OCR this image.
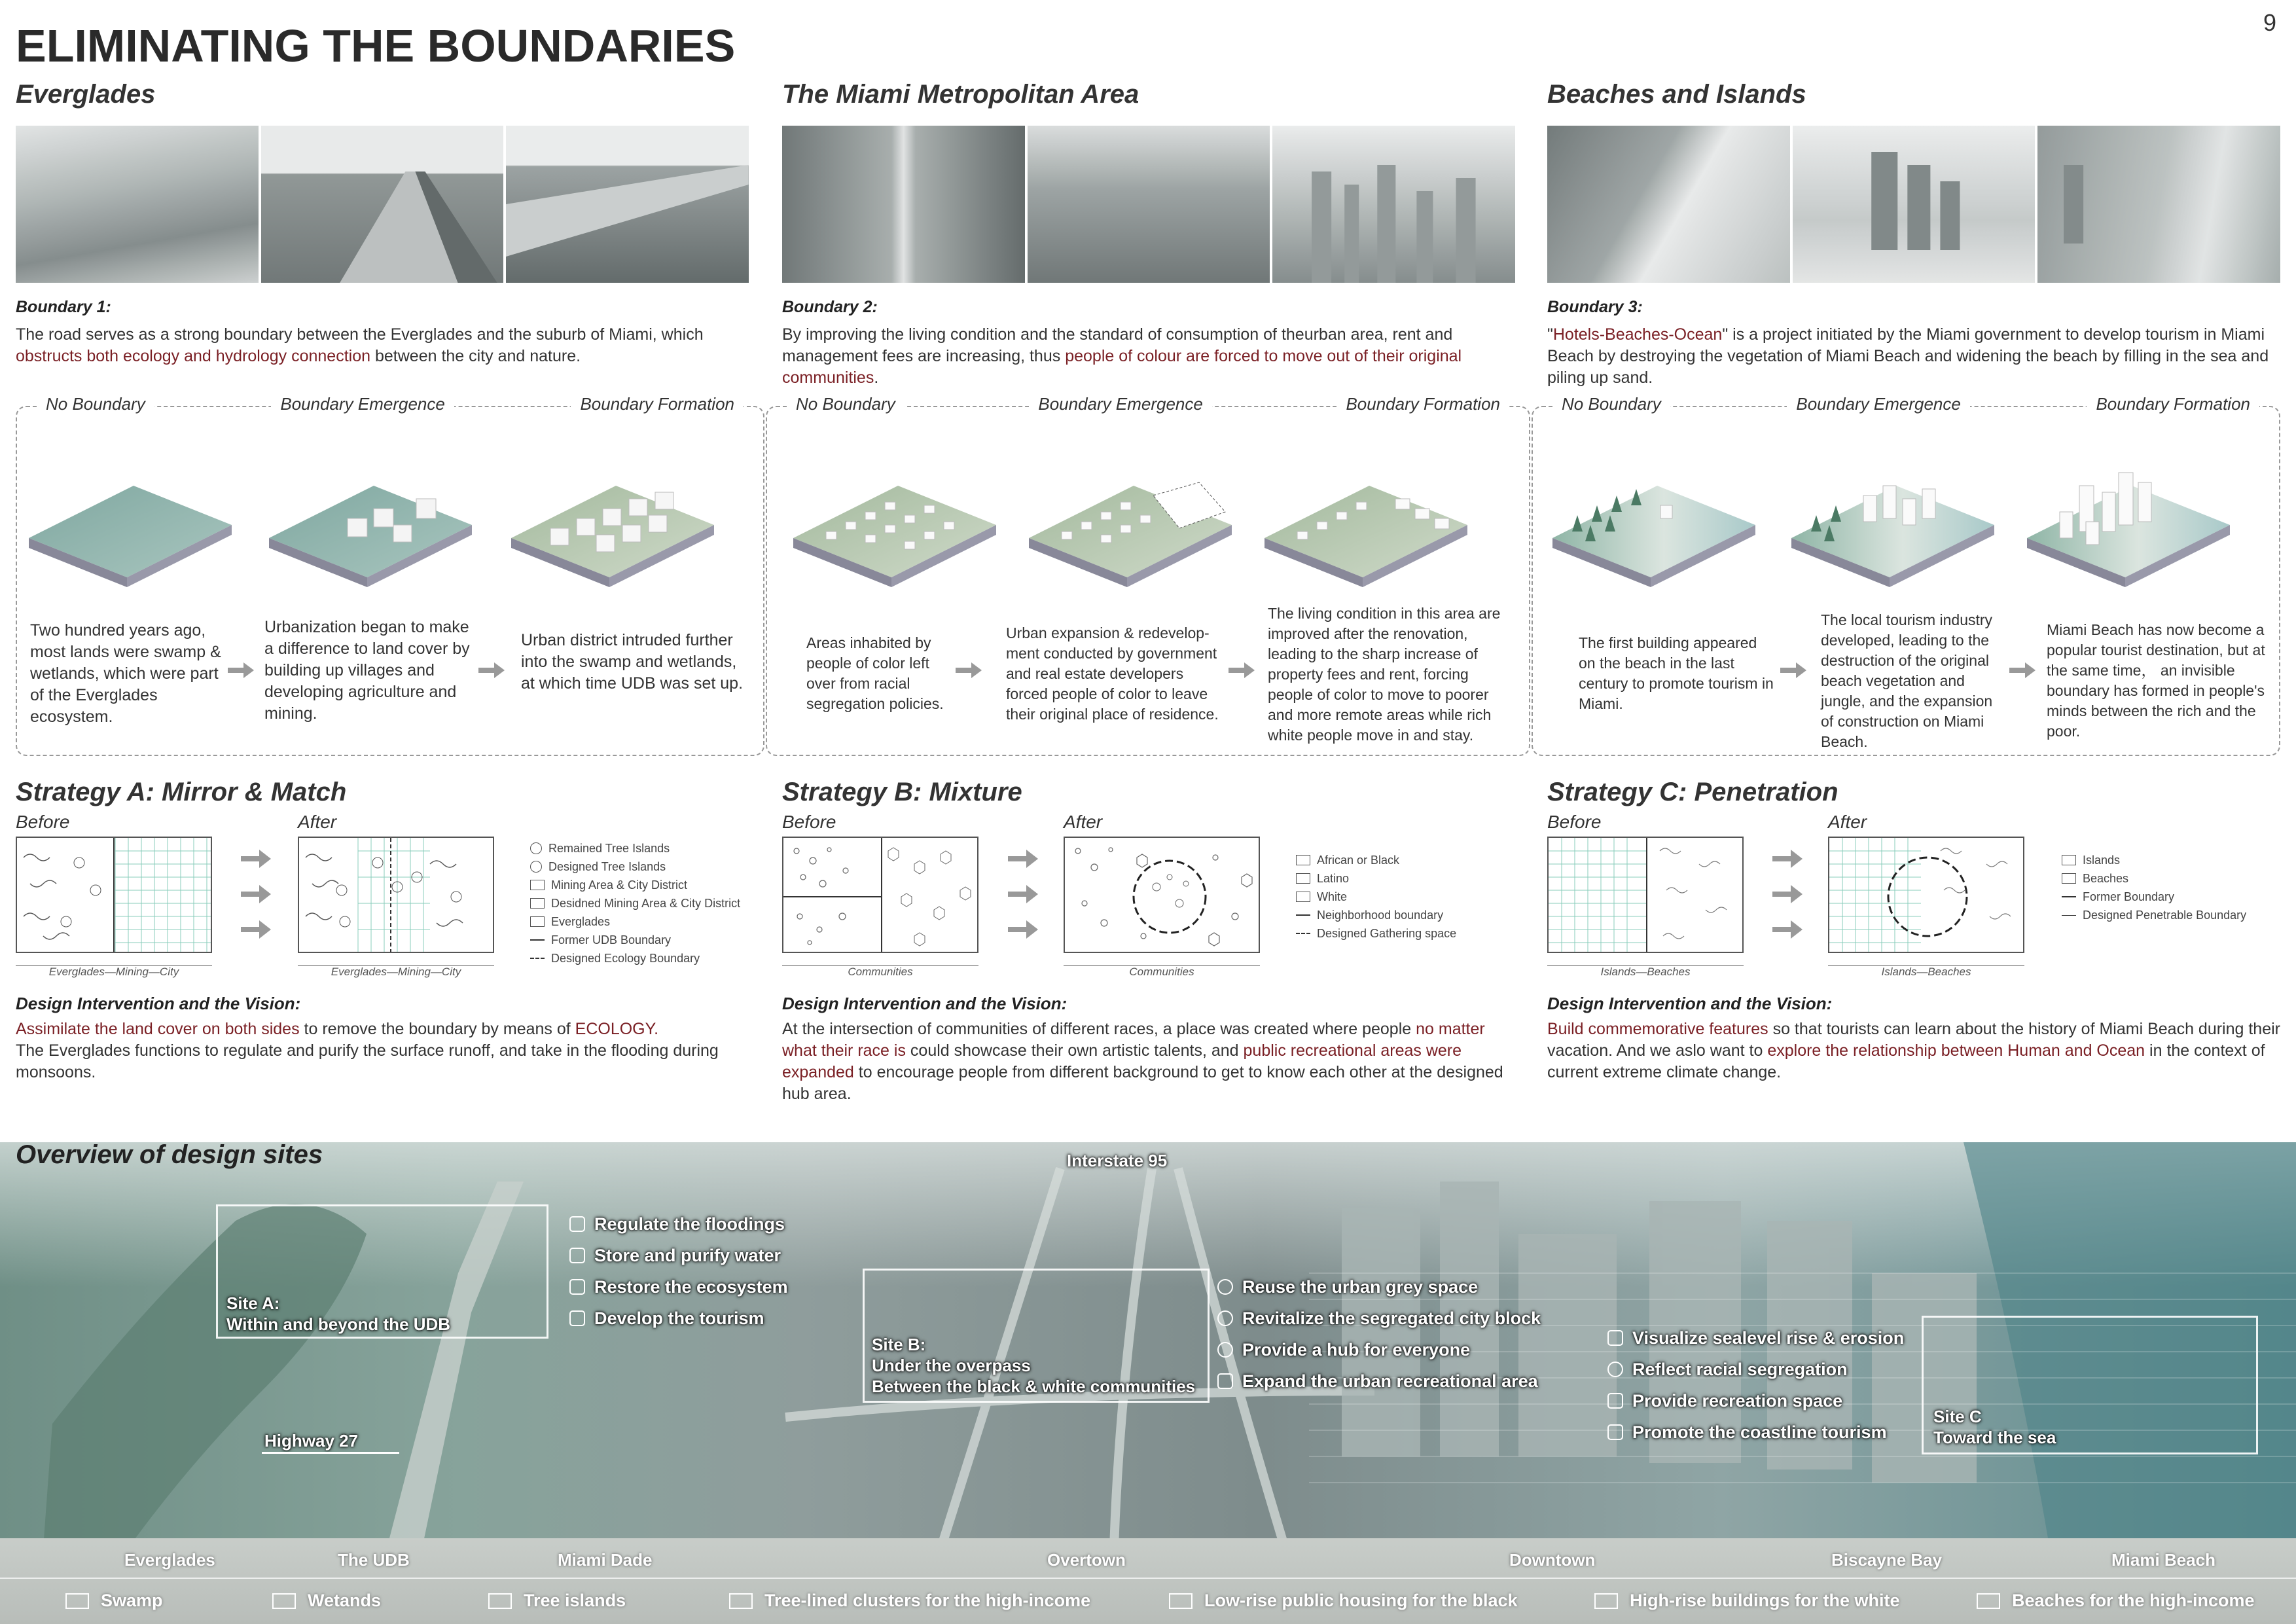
ELIMINATING THE BOUNDARIES	9
Everglades
Boundary 1:
The road serves as a strong boundary between the Everglades and the suburb of Miami, which obstructs both ecology and hydrology connection between the city and nature.
The Miami Metropolitan Area
Boundary 2:
By improving the living condition and the standard of consumption of theurban area, rent and management fees are increasing, thus people of colour are forced to move out of their original communities.
Beaches and Islands
Boundary 3:
"Hotels-Beaches-Ocean" is a project initiated by the Miami government to develop tourism in Miami Beach by destroying the vegetation of Miami Beach and widening the beach by filling in the sea and piling up sand.
No Boundary	Boundary Emergence	Boundary Formation
Two hundred years ago, most lands were swamp & wetlands, which were part of the Everglades ecosystem.
Urbanization began to make a difference to land cover by building up villages and developing agriculture and mining.
Urban district intruded further into the swamp and wetlands, at which time UDB was set up.
No Boundary	Boundary Emergence	Boundary Formation
Areas inhabited by people of color left over from racial segregation policies.
Urban expansion & redevelop-ment conducted by government and real estate developers forced people of color to leave their original place of residence.
The living condition in this area are improved after the renovation, leading to the sharp increase of property fees and rent, forcing people of color to move to poorer and more remote areas while rich white people move in and stay.
No Boundary	Boundary Emergence	Boundary Formation
The first building appeared on the beach in the last century to promote tourism in Miami.
The local tourism industry developed, leading to the destruction of the original beach vegetation and jungle, and the expansion of construction on Miami Beach.
Miami Beach has now become a popular tourist destination, but at the same time， an invisible boundary has formed in people's minds between the rich and the poor.
Strategy A: Mirror & Match
Before	After
Remained Tree Islands
Designed Tree Islands
Mining Area & City District
Desidned Mining Area & City District
Everglades
Former UDB Boundary
Designed Ecology Boundary
Everglades—Mining—City	Everglades—Mining—City
Design Intervention and the Vision:
Assimilate the land cover on both sides to remove the boundary by means of ECOLOGY.
The Everglades functions to regulate and purify the surface runoff, and take in the flooding during monsoons.
Strategy B: Mixture
Before	After
African or Black
Latino
White
Neighborhood boundary
Designed Gathering space
Communities	Communities
Design Intervention and the Vision:
At the intersection of communities of different races, a place was created where people no matter what their race is could showcase their own artistic talents, and public recreational areas were expanded to encourage people from different background to get to know each other at the designed hub area.
Strategy C: Penetration
Before	After
Islands
Beaches
Former Boundary
Designed Penetrable Boundary
Islands—Beaches	Islands—Beaches
Design Intervention and the Vision:
Build commemorative features so that tourists can learn about the history of Miami Beach during their vacation. And we aslo want to explore the relationship between Human and Ocean in the context of current extreme climate change.
Overview of design sites	Interstate 95
Highway 27
Site A:
Within and beyond the UDB
Regulate the floodings
Store and purify water
Restore the ecosystem
Develop the tourism
Site B:
Under the overpass
Between the black & white communities
Reuse the urban grey space
Revitalize the segregated city block
Provide a hub for everyone
Expand the urban recreational area
Site C
Toward the sea
Visualize sealevel rise & erosion
Reflect racial segregation
Provide recreation space
Promote the coastline tourism
Everglades	The UDB	Miami Dade	Overtown	Downtown	Biscayne Bay	Miami Beach
Swamp	Wetands	Tree islands	Tree-lined clusters for the high-income	Low-rise public housing for the black	High-rise buildings for the white	Beaches for the high-income
